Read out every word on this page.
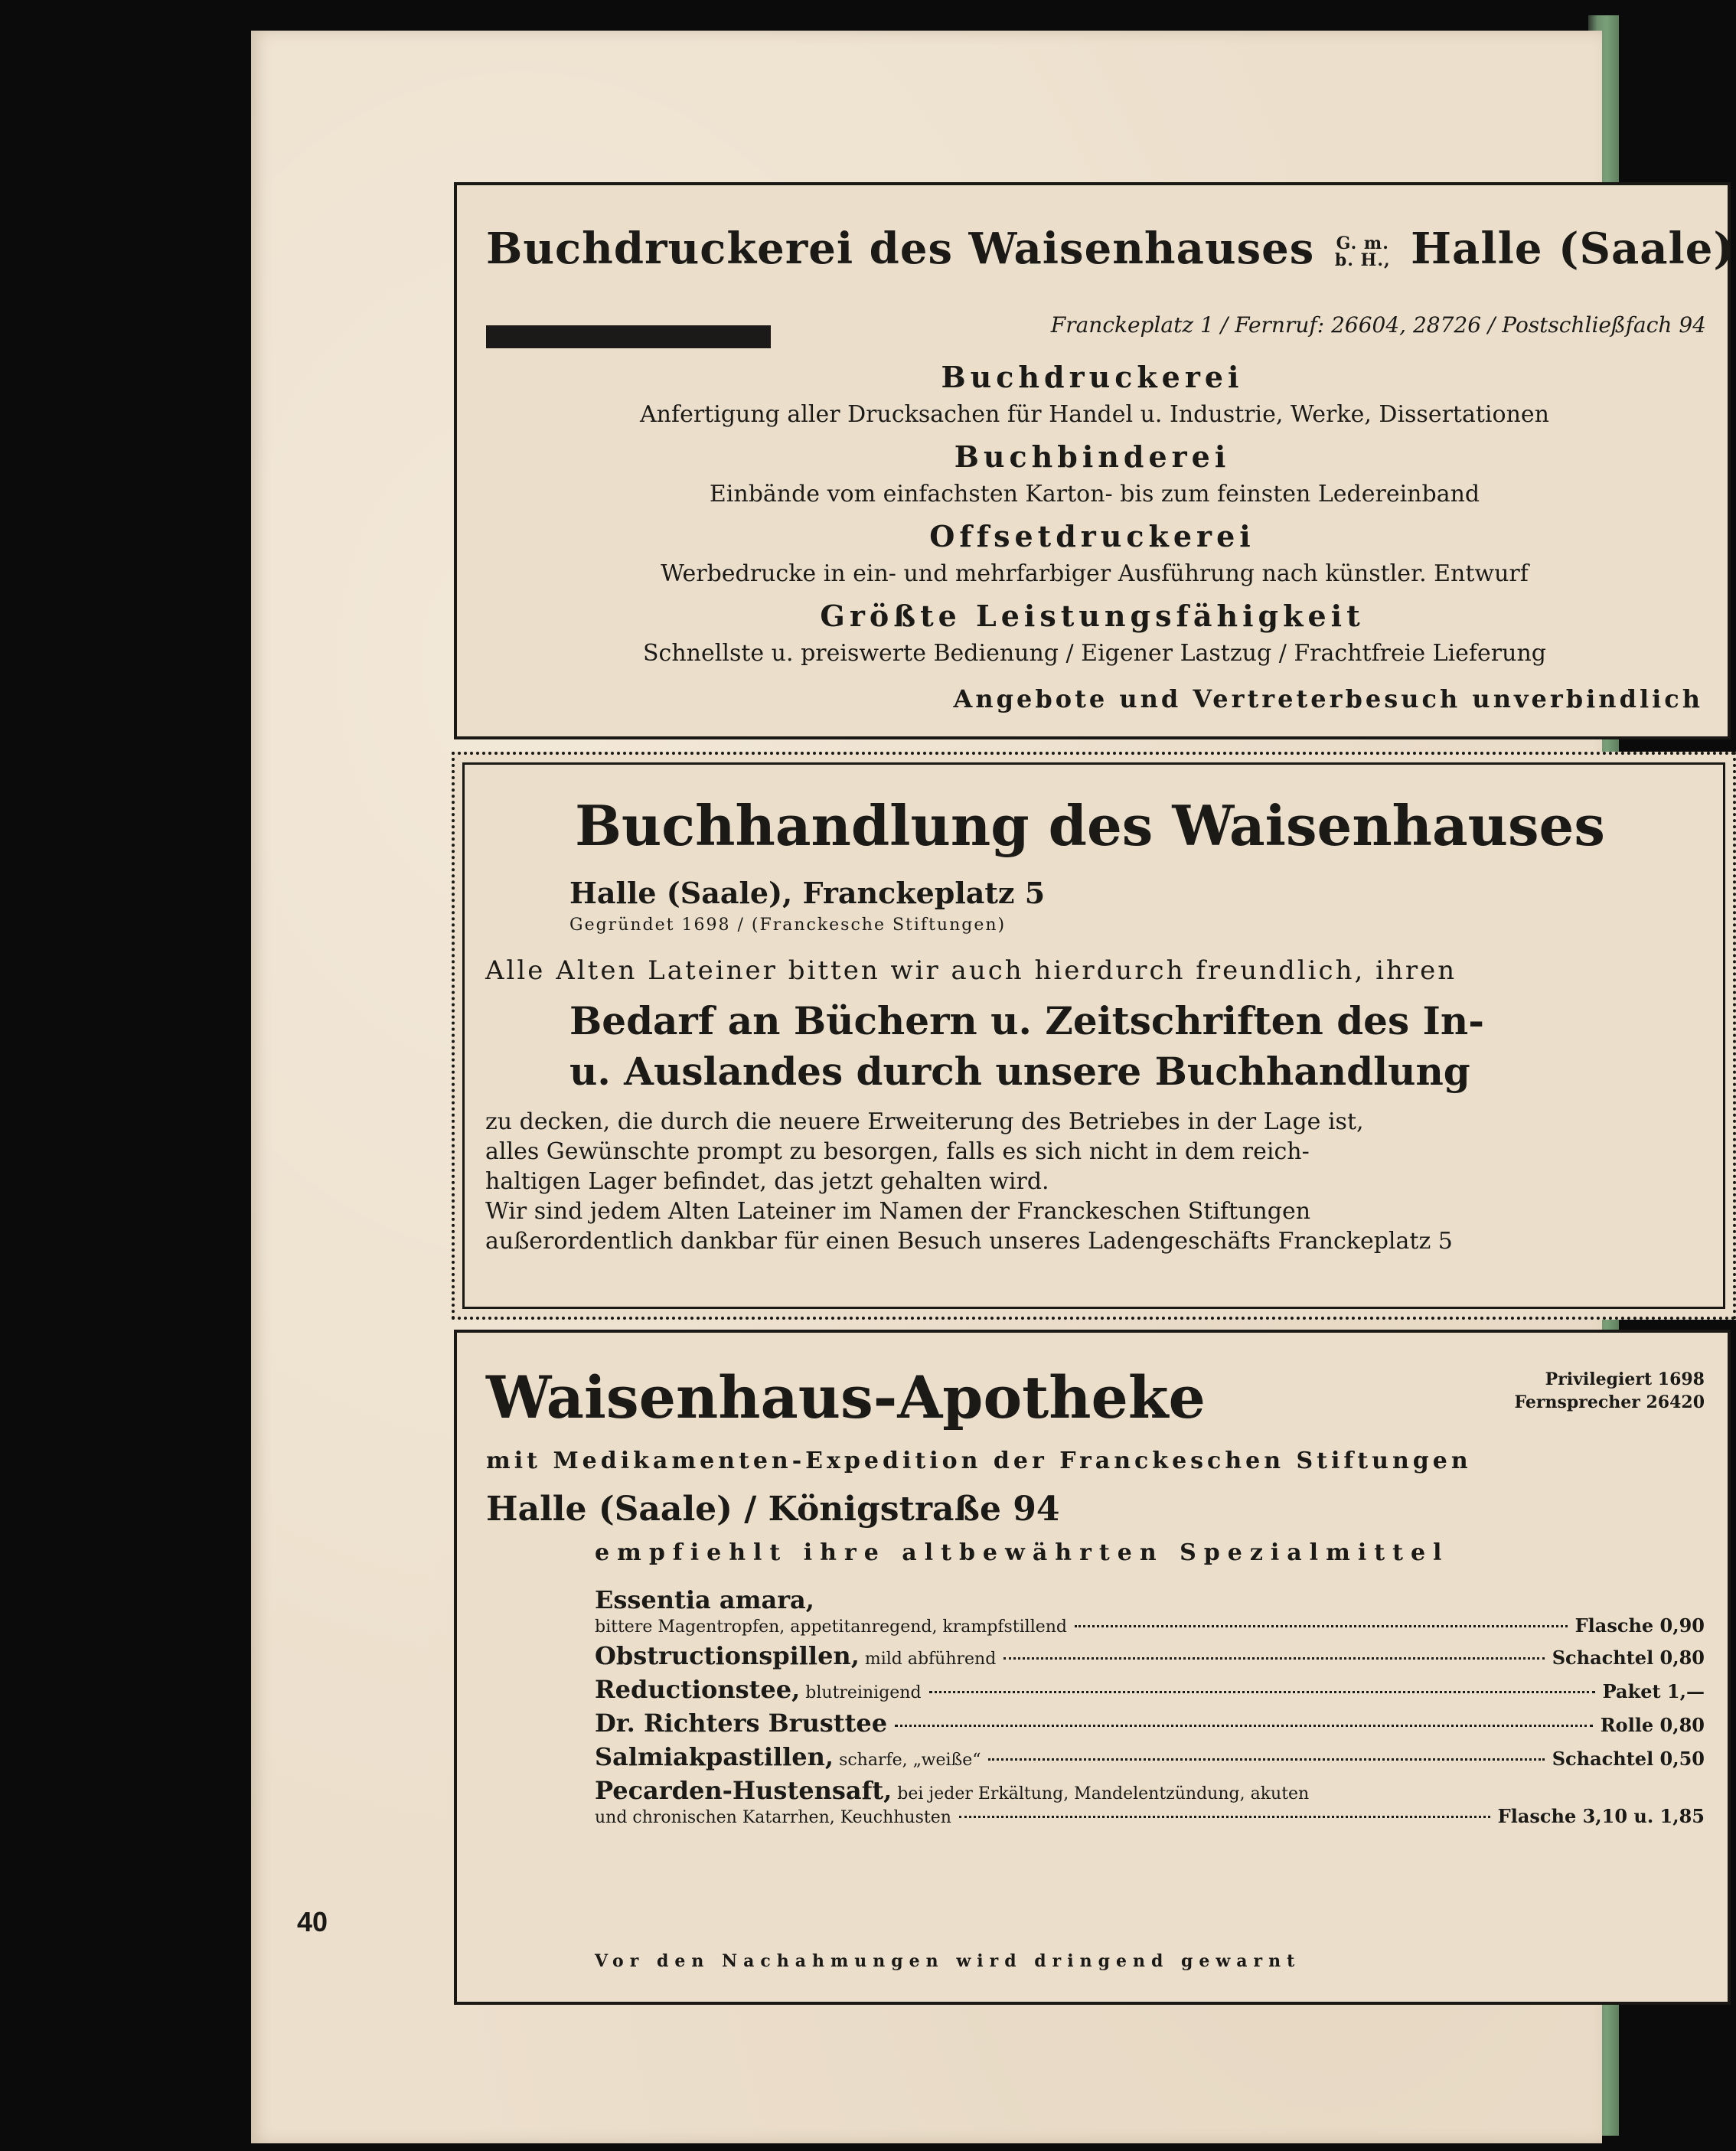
Buchdruckerei des Waisenhauses G. m.
b. H., Halle (Saale)
Franckeplatz 1 / Fernruf: 26604, 28726 / Postschließfach 94
Buchdruckerei
Anfertigung aller Drucksachen für Handel u. Industrie, Werke, Dissertationen
Buchbinderei
Einbände vom einfachsten Karton- bis zum feinsten Ledereinband
Offsetdruckerei
Werbedrucke in ein- und mehrfarbiger Ausführung nach künstler. Entwurf
Größte Leistungsfähigkeit
Schnellste u. preiswerte Bedienung / Eigener Lastzug / Frachtfreie Lieferung
Angebote und Vertreterbesuch unverbindlich
Buchhandlung des Waisenhauses
Halle (Saale), Franckeplatz 5
Gegründet 1698 / (Franckesche Stiftungen)
Alle Alten Lateiner bitten wir auch hierdurch freundlich, ihren
Bedarf an Büchern u. Zeitschriften des In-
u. Auslandes durch unsere Buchhandlung
zu decken, die durch die neuere Erweiterung des Betriebes in der Lage ist,
alles Gewünschte prompt zu besorgen, falls es sich nicht in dem reich-
haltigen Lager befindet, das jetzt gehalten wird.
Wir sind jedem Alten Lateiner im Namen der Franckeschen Stiftungen
außerordentlich dankbar für einen Besuch unseres Ladengeschäfts Franckeplatz 5
Waisenhaus-Apotheke	Privilegiert 1698
Fernsprecher 26420
mit Medikamenten-Expedition der Franckeschen Stiftungen
Halle (Saale) / Königstraße 94
empfiehlt ihre altbewährten Spezialmittel
Essentia amara,
bittere Magentropfen, appetitanregend, krampfstillend	Flasche 0,90
Obstructionspillen,
mild abführend	Schachtel 0,80
Reductionstee,
blutreinigend	Paket 1,—
Dr. Richters Brusttee	Rolle 0,80
Salmiakpastillen,
scharfe, „weiße“	Schachtel 0,50
Pecarden-Hustensaft,
bei jeder Erkältung, Mandelentzündung, akuten
und chronischen Katarrhen, Keuchhusten	Flasche 3,10 u. 1,85
Vor den Nachahmungen wird dringend gewarnt
40
